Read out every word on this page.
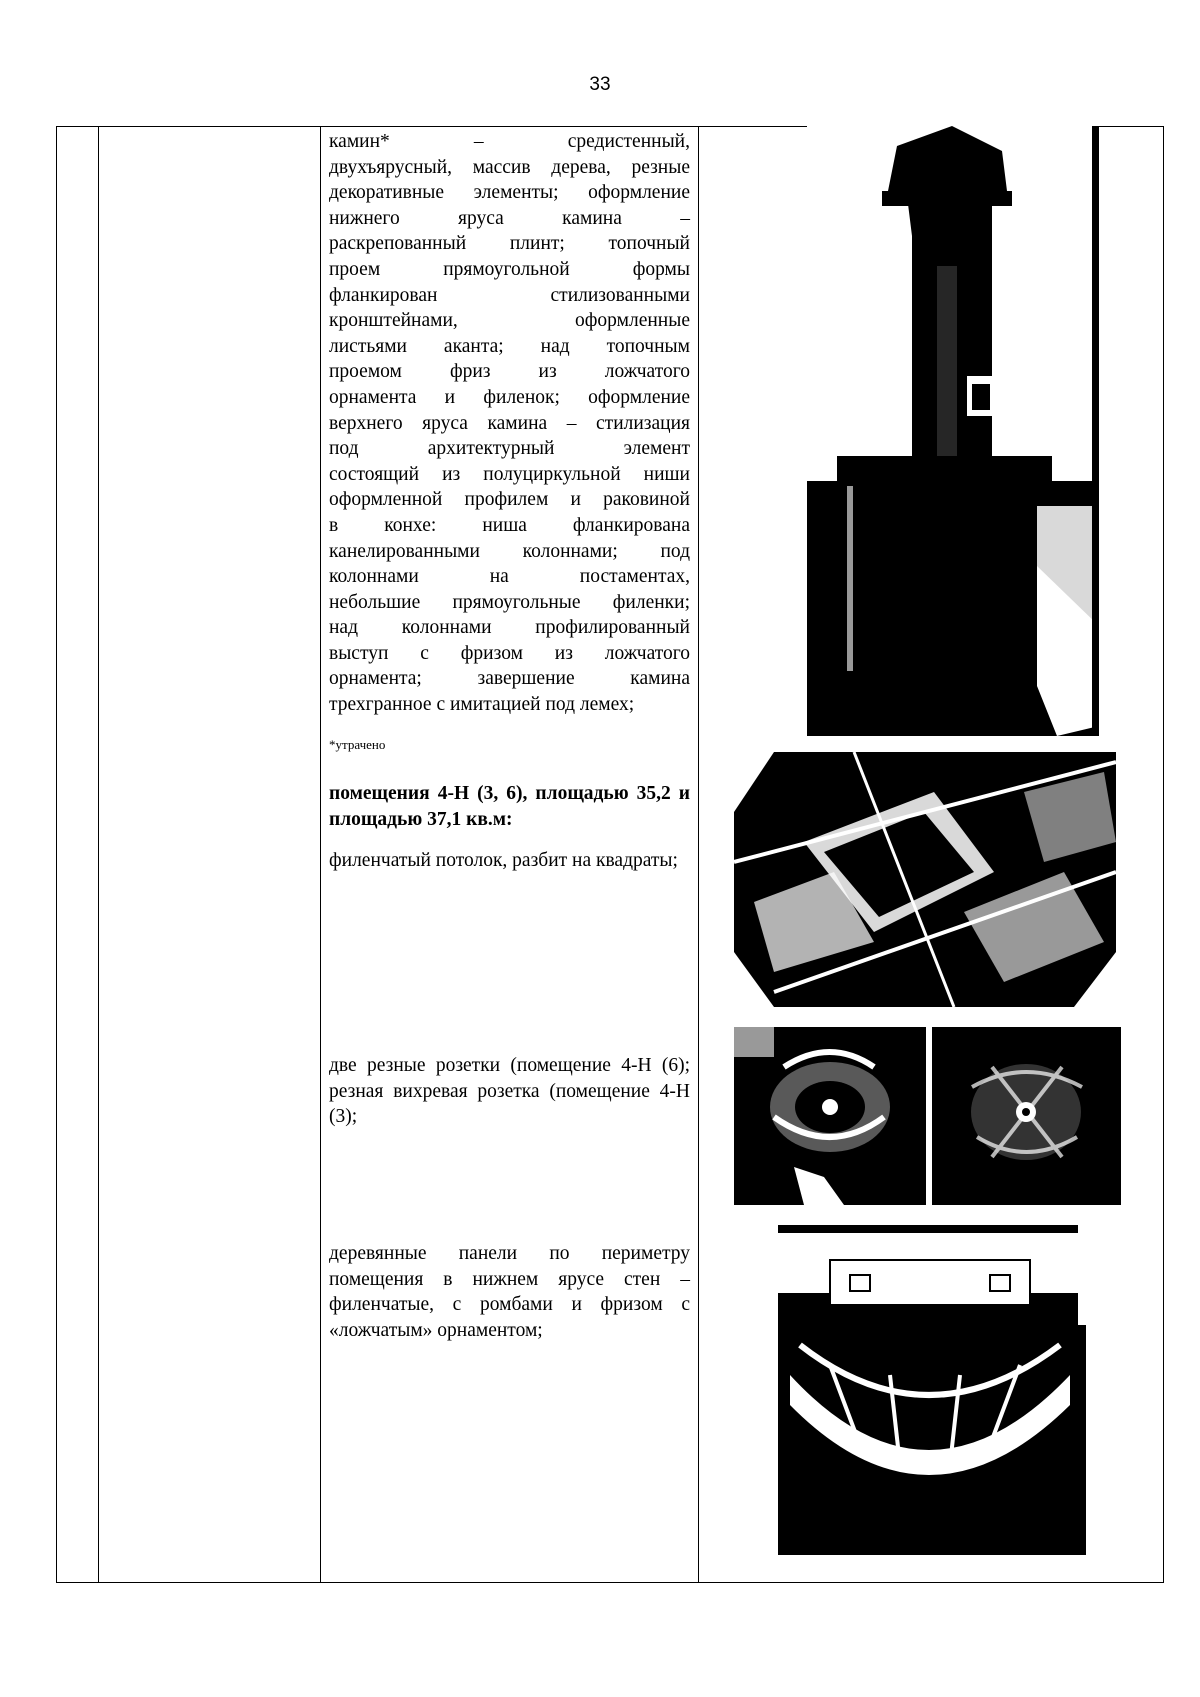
33

камин* – средистенный,

двухъярусный, массив дерева, резные

декоративные элементы; оформление

нижнего яруса камина –

раскрепованный плинт; топочный

проем прямоугольной формы

фланкирован стилизованными

кронштейнами, оформленные

листьями аканта; над топочным

проемом фриз из ложчатого

орнамента и филенок; оформление

верхнего яруса камина – стилизация

под архитектурный элемент

состоящий из полуциркульной ниши

оформленной профилем и раковиной

в конхе: ниша фланкирована

канелированными колоннами; под

колоннами на постаментах,

небольшие прямоугольные филенки;

над колоннами профилированный

выступ с фризом из ложчатого

орнамента; завершение камина

трехгранное с имитацией под лемех;

*утрачено

помещения 4-Н (3, 6), площадью 35,2 и площадью 37,1 кв.м:

филенчатый потолок, разбит на квадраты;

две резные розетки (помещение 4-Н (6); резная вихревая розетка (помещение 4-Н (3);

деревянные панели по периметру помещения в нижнем ярусе стен – филенчатые, с ромбами и фризом с «ложчатым» орнаментом;
